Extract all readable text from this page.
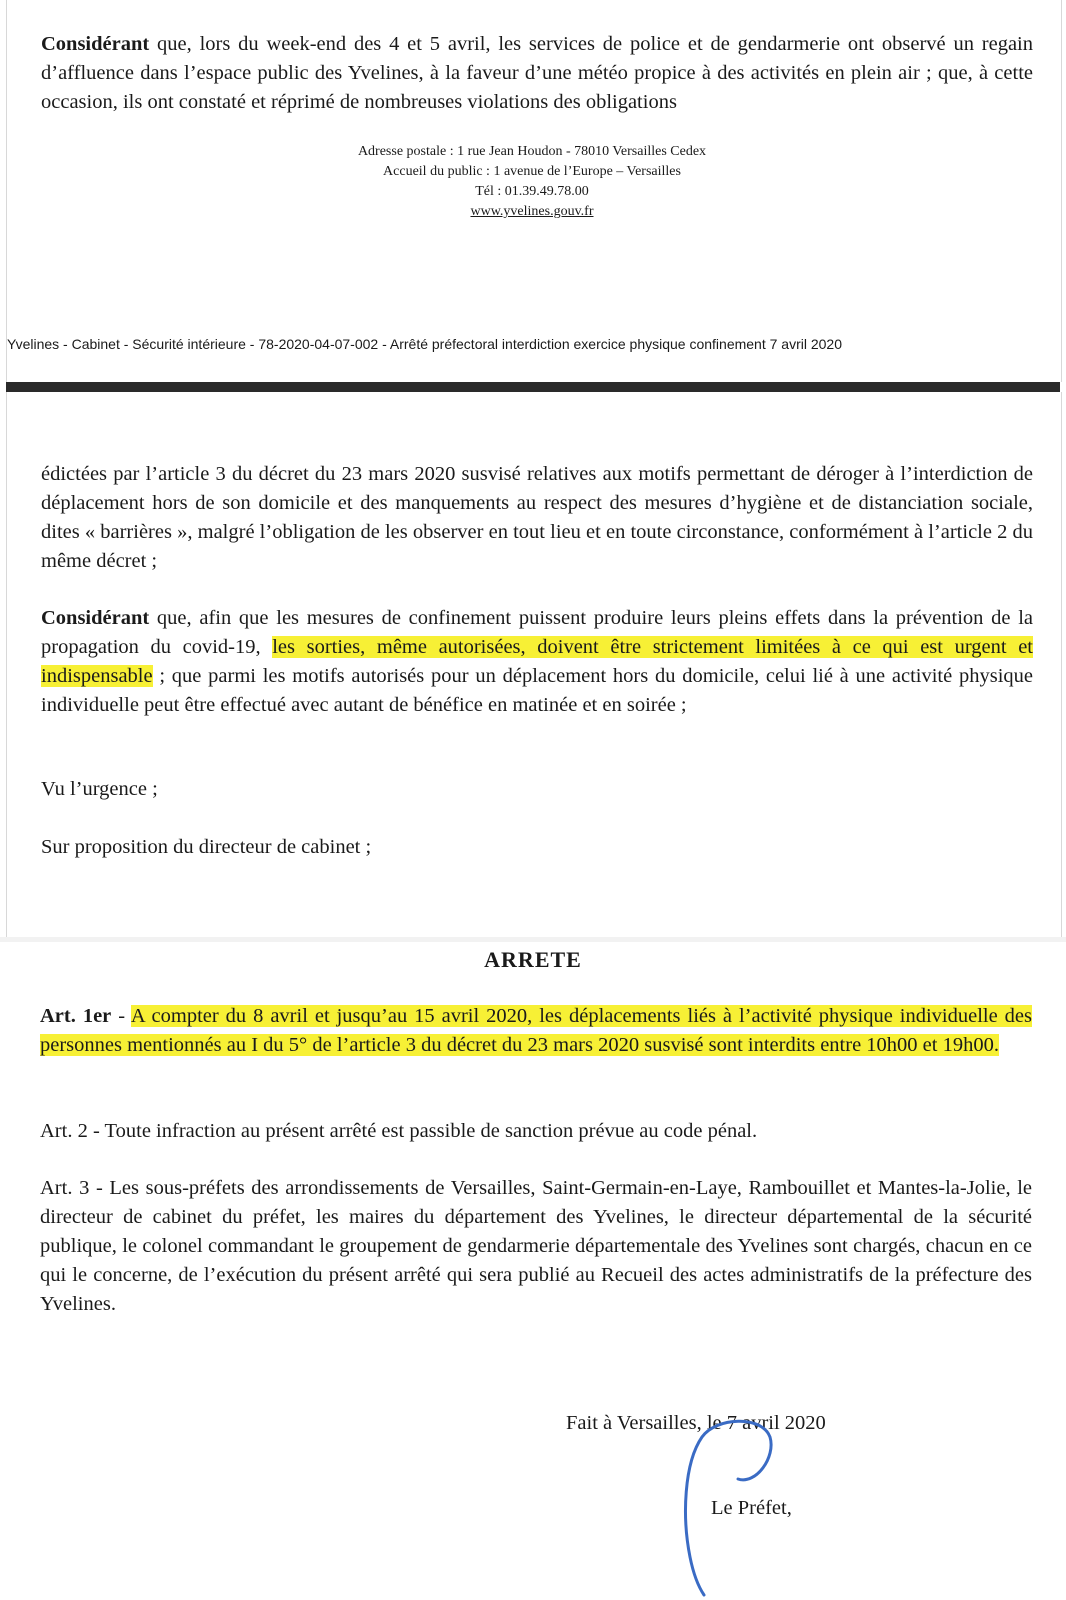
Considérant que, lors du week-end des 4 et 5 avril, les services de police et de gendarmerie ont observé un regain d’affluence dans l’espace public des Yvelines, à la faveur d’une météo propice à des activités en plein air ; que, à cette occasion, ils ont constaté et réprimé de nombreuses violations des obligations

Adresse postale : 1 rue Jean Houdon - 78010 Versailles Cedex
Accueil du public : 1 avenue de l’Europe – Versailles
Tél : 01.39.49.78.00
www.yvelines.gouv.fr
Yvelines - Cabinet - Sécurité intérieure - 78-2020-04-07-002 - Arrêté préfectoral interdiction exercice physique confinement 7 avril 2020

édictées par l’article 3 du décret du 23 mars 2020 susvisé relatives aux motifs permettant de déroger à l’interdiction de déplacement hors de son domicile et des manquements au respect des mesures d’hygiène et de distanciation sociale, dites « barrières », malgré l’obligation de les observer en tout lieu et en toute circonstance, conformément à l’article 2 du même décret ;

Considérant que, afin que les mesures de confinement puissent produire leurs pleins effets dans la prévention de la propagation du covid-19, les sorties, même autorisées, doivent être strictement limitées à ce qui est urgent et indispensable ; que parmi les motifs autorisés pour un déplacement hors du domicile, celui lié à une activité physique individuelle peut être effectué avec autant de bénéfice en matinée et en soirée ;

Vu l’urgence ;

Sur proposition du directeur de cabinet ;

ARRETE

Art. 1er - A compter du 8 avril et jusqu’au 15 avril 2020, les déplacements liés à l’activité physique individuelle des personnes mentionnés au I du 5° de l’article 3 du décret du 23 mars 2020 susvisé sont interdits entre 10h00 et 19h00.

Art. 2 - Toute infraction au présent arrêté est passible de sanction prévue au code pénal.

Art. 3 - Les sous-préfets des arrondissements de Versailles, Saint-Germain-en-Laye, Rambouillet et Mantes-la-Jolie, le directeur de cabinet du préfet, les maires du département des Yvelines, le directeur départemental de la sécurité publique, le colonel commandant le groupement de gendarmerie départementale des Yvelines sont chargés, chacun en ce qui le concerne, de l’exécution du présent arrêté qui sera publié au Recueil des actes administratifs de la préfecture des Yvelines.

Fait à Versailles, le 7 avril 2020
Le Préfet,
